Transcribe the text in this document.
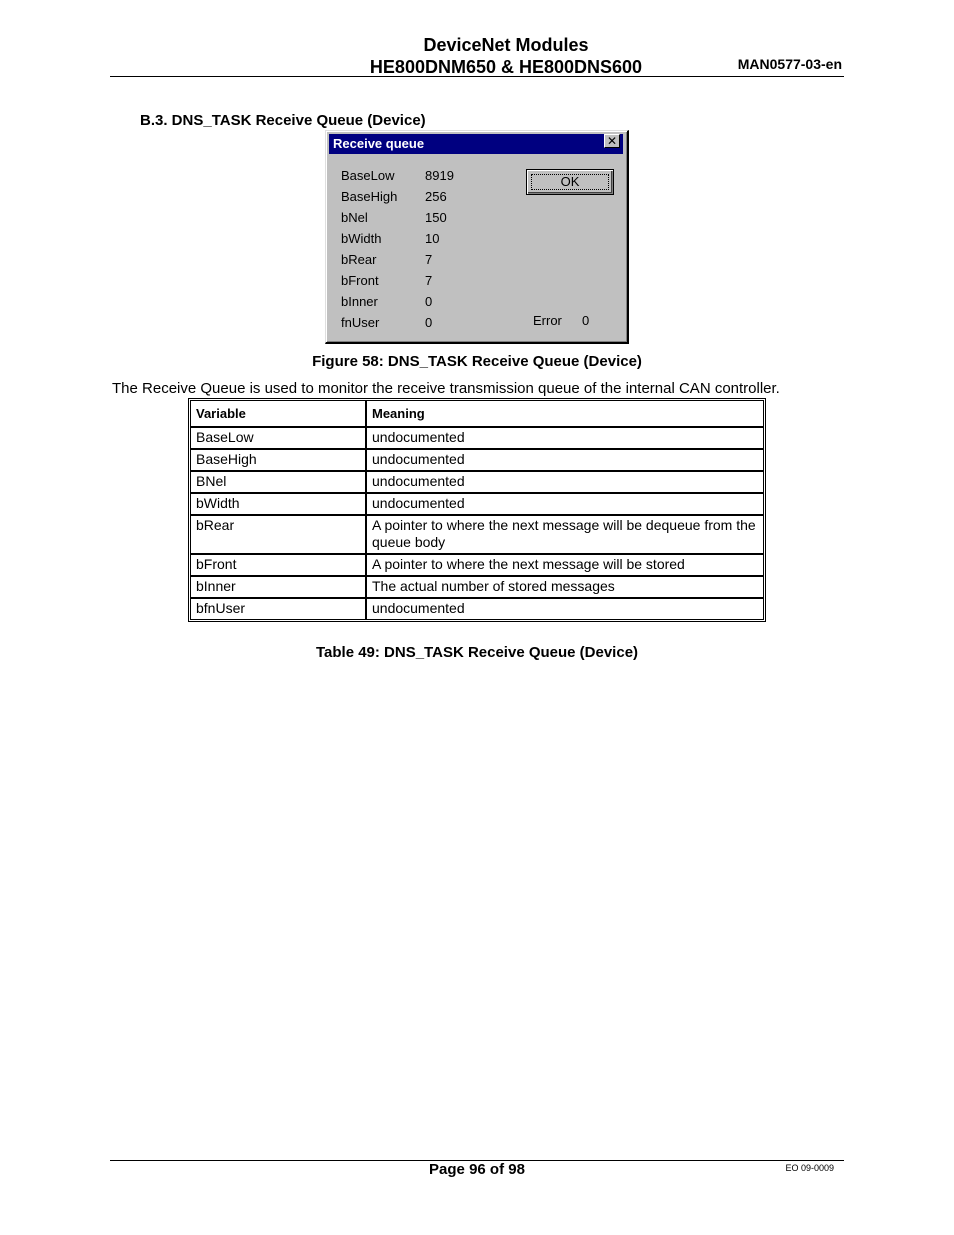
DeviceNet Modules
HE800DNM650 & HE800DNS600	MAN0577-03-en
B.3. DNS_TASK Receive Queue (Device)
Receive queue	✕
BaseLow 8919
BaseHigh 256
bNel	150
bWidth	10
bRear	7
bFront	7
bInner	0
fnUser	0	Error 0
OK
Figure 58: DNS_TASK Receive Queue (Device)
The Receive Queue is used to monitor the receive transmission queue of the internal CAN controller.
Variable	Meaning
BaseLow	undocumented
BaseHigh	undocumented
BNel	undocumented
bWidth	undocumented
bRear	A pointer to where the next message will be dequeue from the queue body
bFront	A pointer to where the next message will be stored
bInner	The actual number of stored messages
bfnUser	undocumented
Table 49: DNS_TASK Receive Queue (Device)
Page 96 of 98	EO 09-0009
